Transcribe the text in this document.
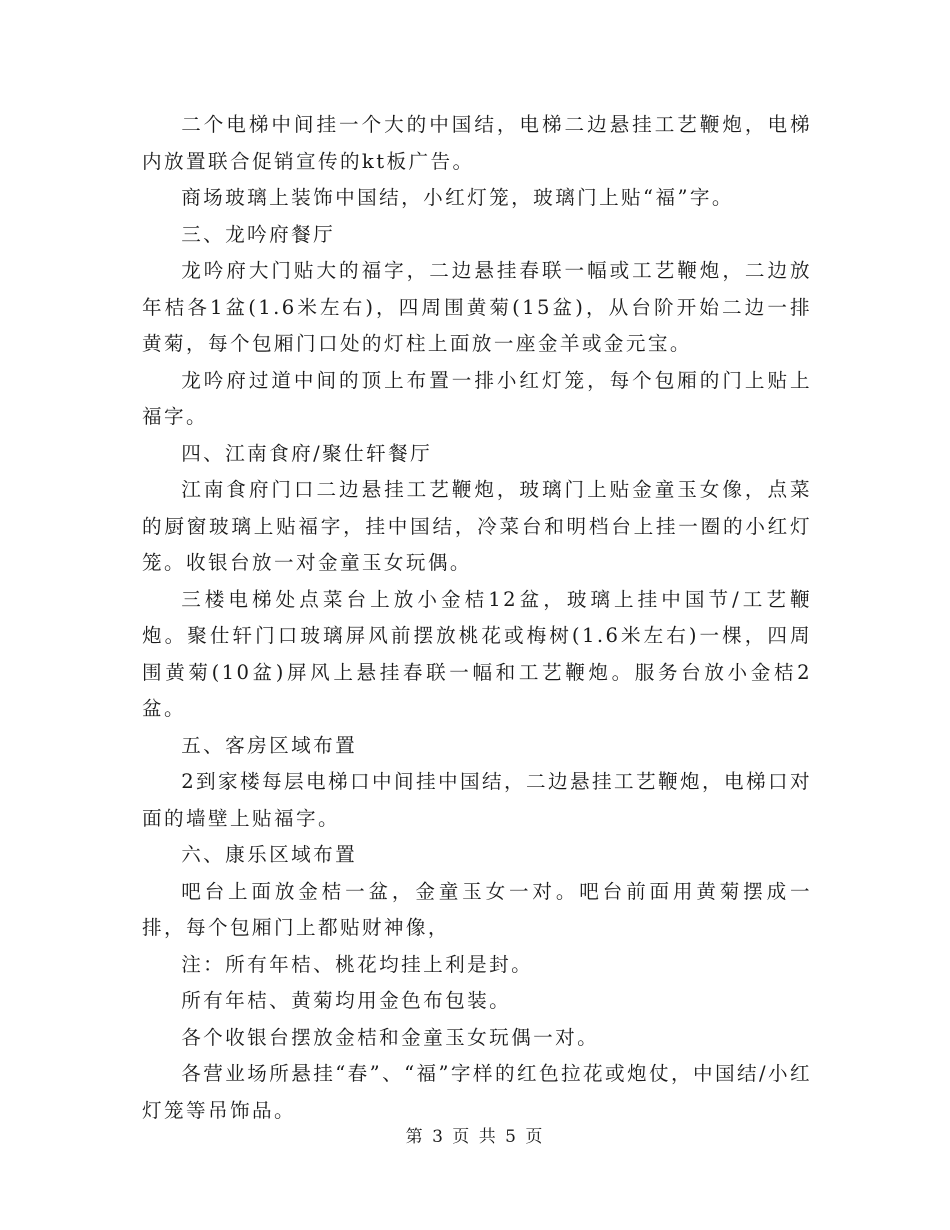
二个电梯中间挂一个大的中国结，电梯二边悬挂工艺鞭炮，电梯内放置联合促销宣传的kt板广告。

商场玻璃上装饰中国结，小红灯笼，玻璃门上贴“福”字。

三、龙吟府餐厅

龙吟府大门贴大的福字，二边悬挂春联一幅或工艺鞭炮，二边放年桔各1盆(1.6米左右)，四周围黄菊(15盆)，从台阶开始二边一排黄菊，每个包厢门口处的灯柱上面放一座金羊或金元宝。

龙吟府过道中间的顶上布置一排小红灯笼，每个包厢的门上贴上福字。

四、江南食府/聚仕轩餐厅

江南食府门口二边悬挂工艺鞭炮，玻璃门上贴金童玉女像，点菜的厨窗玻璃上贴福字，挂中国结，冷菜台和明档台上挂一圈的小红灯笼。收银台放一对金童玉女玩偶。

三楼电梯处点菜台上放小金桔12盆，玻璃上挂中国节/工艺鞭炮。聚仕轩门口玻璃屏风前摆放桃花或梅树(1.6米左右)一棵，四周围黄菊(10盆)屏风上悬挂春联一幅和工艺鞭炮。服务台放小金桔2盆。

五、客房区域布置

2到家楼每层电梯口中间挂中国结，二边悬挂工艺鞭炮，电梯口对面的墙壁上贴福字。

六、康乐区域布置

吧台上面放金桔一盆，金童玉女一对。吧台前面用黄菊摆成一排，每个包厢门上都贴财神像，

注：所有年桔、桃花均挂上利是封。

所有年桔、黄菊均用金色布包装。

各个收银台摆放金桔和金童玉女玩偶一对。

各营业场所悬挂“春”、“福”字样的红色拉花或炮仗，中国结/小红灯笼等吊饰品。

第 3 页 共 5 页
